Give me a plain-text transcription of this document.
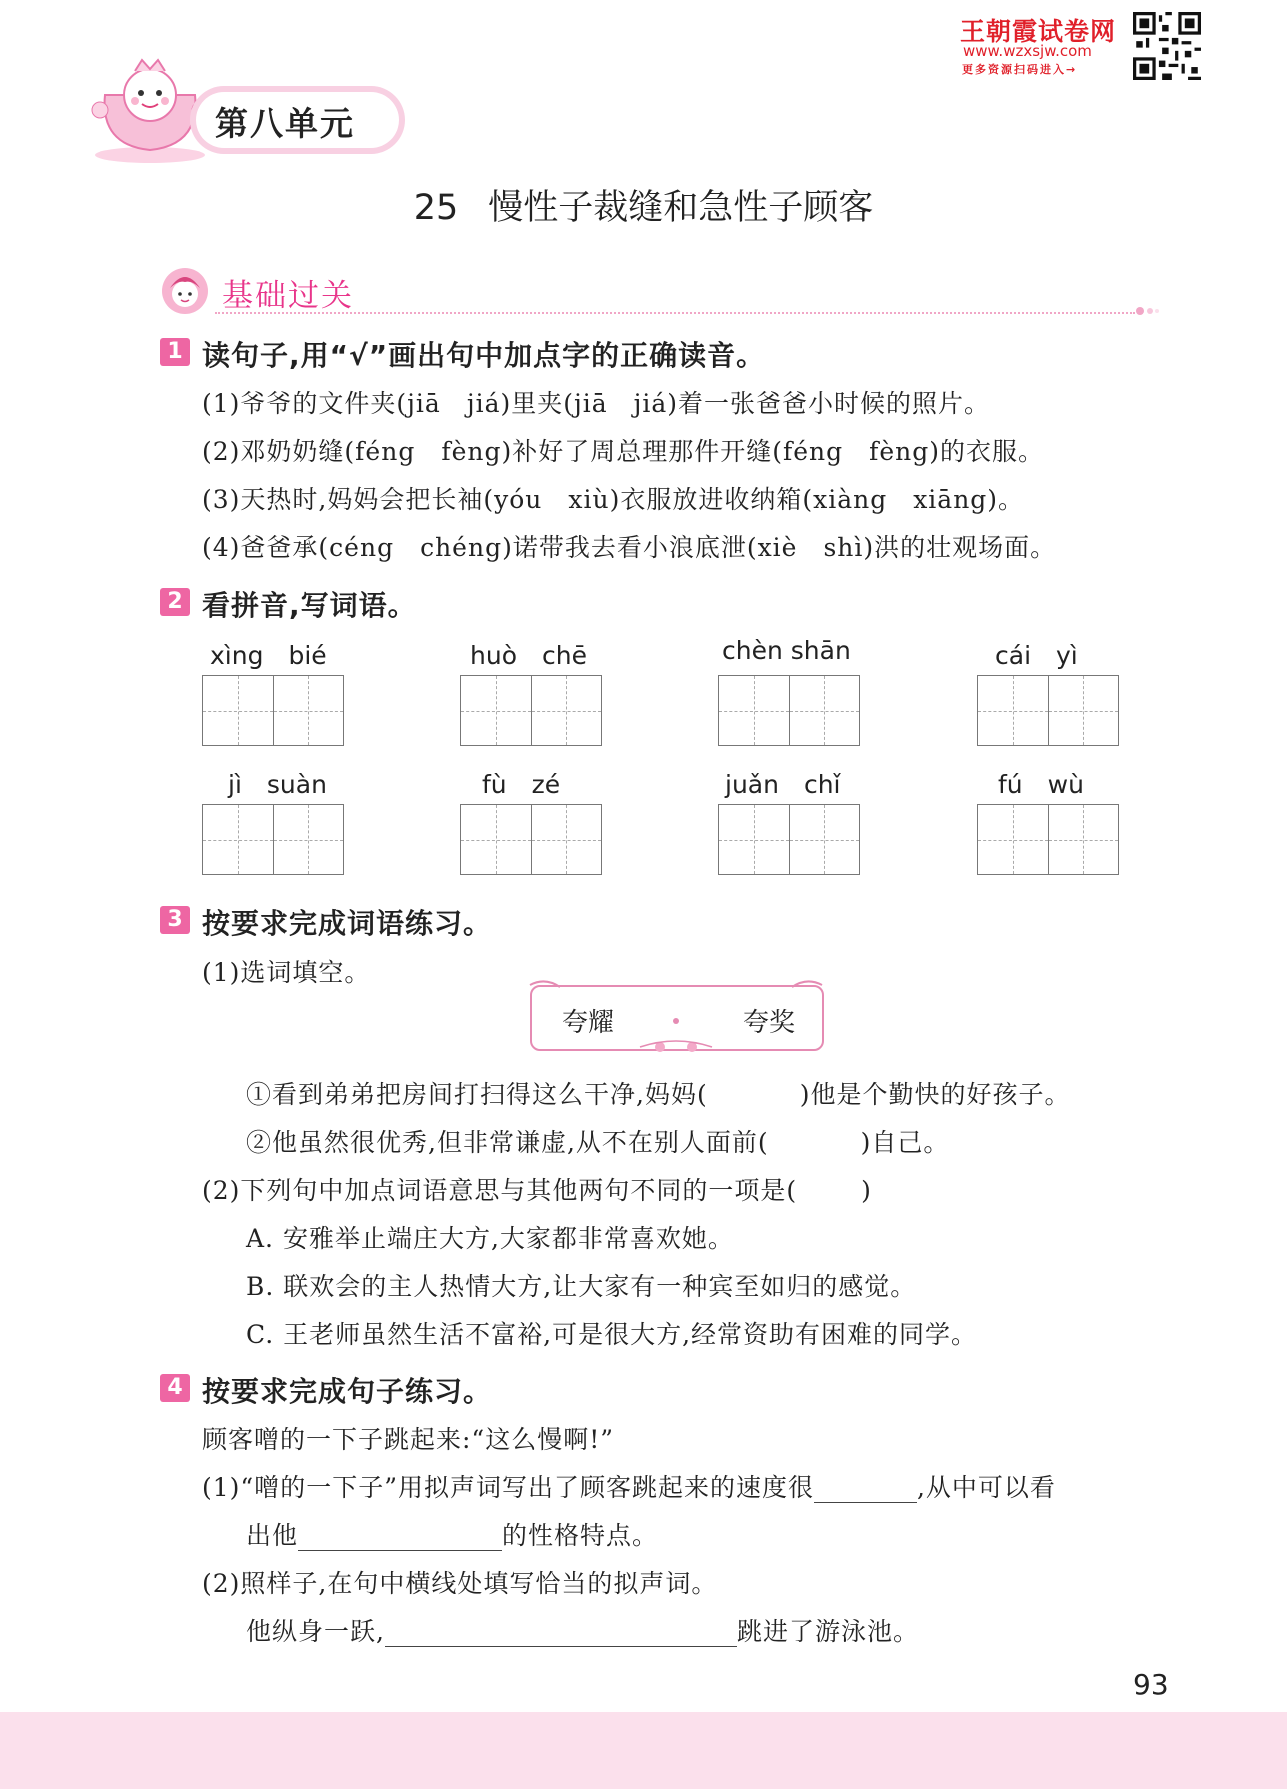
王朝霞试卷网
www.wzxsjw.com
更多资源扫码进入→
第八单元
25 慢性子裁缝和急性子顾客
基础过关
1 读句子,用“√”画出句中加点字的正确读音。
(1)爷爷的文件夹(jiā　jiá)里夹(jiā　jiá)着一张爸爸小时候的照片。
(2)邓奶奶缝(féng　fèng)补好了周总理那件开缝(féng　fèng)的衣服。
(3)天热时,妈妈会把长袖(yóu　xiù)衣服放进收纳箱(xiàng　xiāng)。
(4)爸爸承(céng　chéng)诺带我去看小浪底泄(xiè　shì)洪的壮观场面。
2 看拼音,写词语。
xìng　bié	huò　chē	chèn shān	cái　yì
jì　suàn	fù　zé	juǎn　chǐ	fú　wù
3 按要求完成词语练习。
(1)选词填空。
夸耀	夸奖
①看到弟弟把房间打扫得这么干净,妈妈(	)他是个勤快的好孩子。
②他虽然很优秀,但非常谦虚,从不在别人面前(	)自己。
(2)下列句中加点词语意思与其他两句不同的一项是(	)
A. 安雅举止端庄大方,大家都非常喜欢她。
B. 联欢会的主人热情大方,让大家有一种宾至如归的感觉。
C. 王老师虽然生活不富裕,可是很大方,经常资助有困难的同学。
4 按要求完成句子练习。
顾客噌的一下子跳起来:“这么慢啊!”
(1)“噌的一下子”用拟声词写出了顾客跳起来的速度很	,从中可以看
出他	的性格特点。
(2)照样子,在句中横线处填写恰当的拟声词。
他纵身一跃,	跳进了游泳池。
93
